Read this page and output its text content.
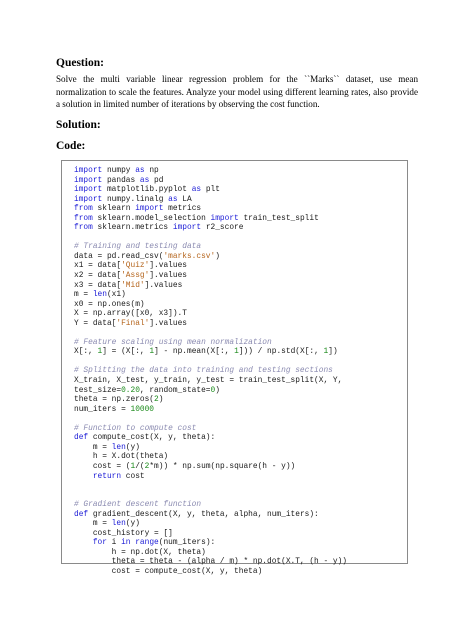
Question:

Solve the multi variable linear regression problem for the ``Marks`` dataset, use mean
normalization to scale the features. Analyze your model using different learning rates, also provide
a solution in limited number of iterations by observing the cost function.

Solution:
Code:
import numpy as np
import pandas as pd
import matplotlib.pyplot as plt
import numpy.linalg as LA
from sklearn import metrics
from sklearn.model_selection import train_test_split
from sklearn.metrics import r2_score
# Training and testing data
data = pd.read_csv('marks.csv')
x1 = data['Quiz'].values
x2 = data['Assg'].values
x3 = data['Mid'].values
m = len(x1)
x0 = np.ones(m)
X = np.array([x0, x3]).T
Y = data['Final'].values
# Feature scaling using mean normalization
X[:, 1] = (X[:, 1] - np.mean(X[:, 1])) / np.std(X[:, 1])
# Splitting the data into training and testing sections
X_train, X_test, y_train, y_test = train_test_split(X, Y,
test_size=0.20, random_state=0)
theta = np.zeros(2)
num_iters = 10000
# Function to compute cost
def compute_cost(X, y, theta):
m = len(y)
h = X.dot(theta)
cost = (1/(2*m)) * np.sum(np.square(h - y))
return cost
# Gradient descent function
def gradient_descent(X, y, theta, alpha, num_iters):
m = len(y)
cost_history = []
for i in range(num_iters):
h = np.dot(X, theta)
theta = theta - (alpha / m) * np.dot(X.T, (h - y))
cost = compute_cost(X, y, theta)
